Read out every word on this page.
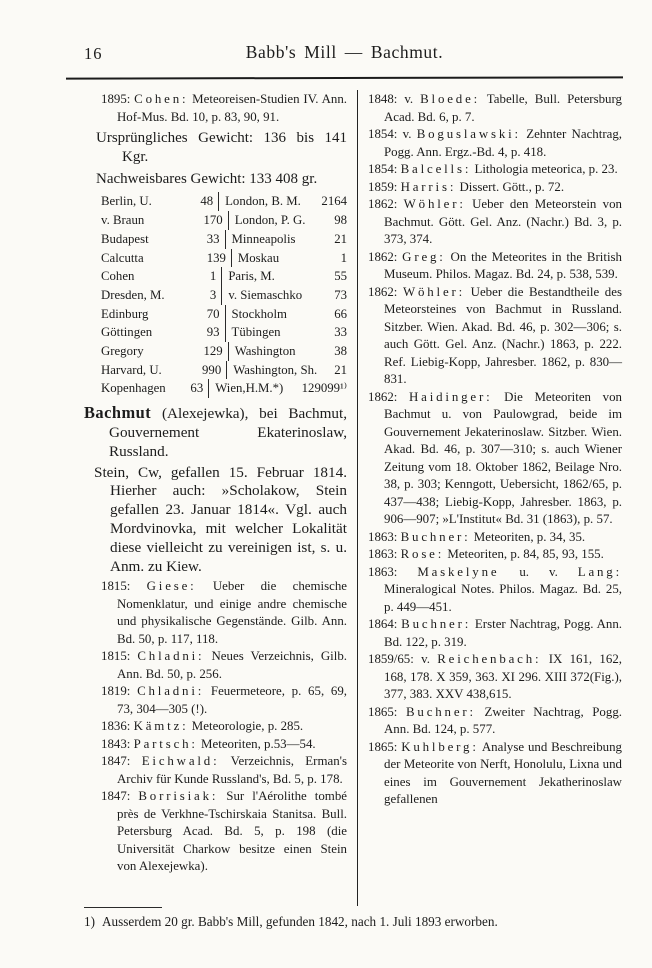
16	Babb's Mill — Bachmut.

1895: Cohen: Meteoreisen-Studien IV. Ann. Hof-Mus. Bd. 10, p. 83, 90, 91.

Ursprüngliches Gewicht: 136 bis 141 Kgr.

Nachweisbares Gewicht: 133 408 gr.

Berlin, U.	48 London, B. M.	2164
v. Braun	170 London, P. G.	98
Budapest	33 Minneapolis	21
Calcutta	139 Moskau	1
Cohen	1 Paris, M.	55
Dresden, M.	3 v. Siemaschko	73
Edinburg	70 Stockholm	66
Göttingen	93 Tübingen	33
Gregory	129 Washington	38
Harvard, U.	990 Washington, Sh.	21
Kopenhagen	63 Wien,H.M.*)	129099¹⁾

Bachmut (Alexejewka), bei Bachmut, Gouvernement Ekaterinoslaw, Russland.

Stein, Cw, gefallen 15. Februar 1814. Hierher auch: »Scholakow, Stein gefallen 23. Januar 1814«. Vgl. auch Mordvinovka, mit welcher Lokalität diese vielleicht zu vereinigen ist, s. u. Anm. zu Kiew.

1815: Giese: Ueber die chemische Nomenklatur, und einige andre chemische und physikalische Gegenstände. Gilb. Ann. Bd. 50, p. 117, 118.

1815: Chladni: Neues Verzeichnis, Gilb. Ann. Bd. 50, p. 256.

1819: Chladni: Feuermeteore, p. 65, 69, 73, 304—305 (!).

1836: Kämtz: Meteorologie, p. 285.

1843: Partsch: Meteoriten, p.53—54.

1847: Eichwald: Verzeichnis, Erman's Archiv für Kunde Russland's, Bd. 5, p. 178.

1847: Borrisiak: Sur l'Aérolithe tombé près de Verkhne-Tschirskaia Stanitsa. Bull. Petersburg Acad. Bd. 5, p. 198 (die Universität Charkow besitze einen Stein von Alexejewka).

1848: v. Bloede: Tabelle, Bull. Petersburg Acad. Bd. 6, p. 7.

1854: v. Boguslawski: Zehnter Nachtrag, Pogg. Ann. Ergz.-Bd. 4, p. 418.

1854: Balcells: Lithologia meteorica, p. 23.

1859: Harris: Dissert. Gött., p. 72.

1862: Wöhler: Ueber den Meteorstein von Bachmut. Gött. Gel. Anz. (Nachr.) Bd. 3, p. 373, 374.

1862: Greg: On the Meteorites in the British Museum. Philos. Magaz. Bd. 24, p. 538, 539.

1862: Wöhler: Ueber die Bestandtheile des Meteorsteines von Bachmut in Russland. Sitzber. Wien. Akad. Bd. 46, p. 302—306; s. auch Gött. Gel. Anz. (Nachr.) 1863, p. 222. Ref. Liebig-Kopp, Jahresber. 1862, p. 830—831.

1862: Haidinger: Die Meteoriten von Bachmut u. von Paulowgrad, beide im Gouvernement Jekaterinoslaw. Sitzber. Wien. Akad. Bd. 46, p. 307—310; s. auch Wiener Zeitung vom 18. Oktober 1862, Beilage Nro. 38, p. 303; Kenngott, Uebersicht, 1862/65, p. 437—438; Liebig-Kopp, Jahresber. 1863, p. 906—907; »L'Institut« Bd. 31 (1863), p. 57.

1863: Buchner: Meteoriten, p. 34, 35.

1863: Rose: Meteoriten, p. 84, 85, 93, 155.

1863: Maskelyne u. v. Lang: Mineralogical Notes. Philos. Magaz. Bd. 25, p. 449—451.

1864: Buchner: Erster Nachtrag, Pogg. Ann. Bd. 122, p. 319.

1859/65: v. Reichenbach: IX 161, 162, 168, 178. X 359, 363. XI 296. XIII 372(Fig.), 377, 383. XXV 438,615.

1865: Buchner: Zweiter Nachtrag, Pogg. Ann. Bd. 124, p. 577.

1865: Kuhlberg: Analyse und Beschreibung der Meteorite von Nerft, Honolulu, Lixna und eines im Gouvernement Jekatherinoslaw gefallenen

1) Ausserdem 20 gr. Babb's Mill, gefunden 1842, nach 1. Juli 1893 erworben.
